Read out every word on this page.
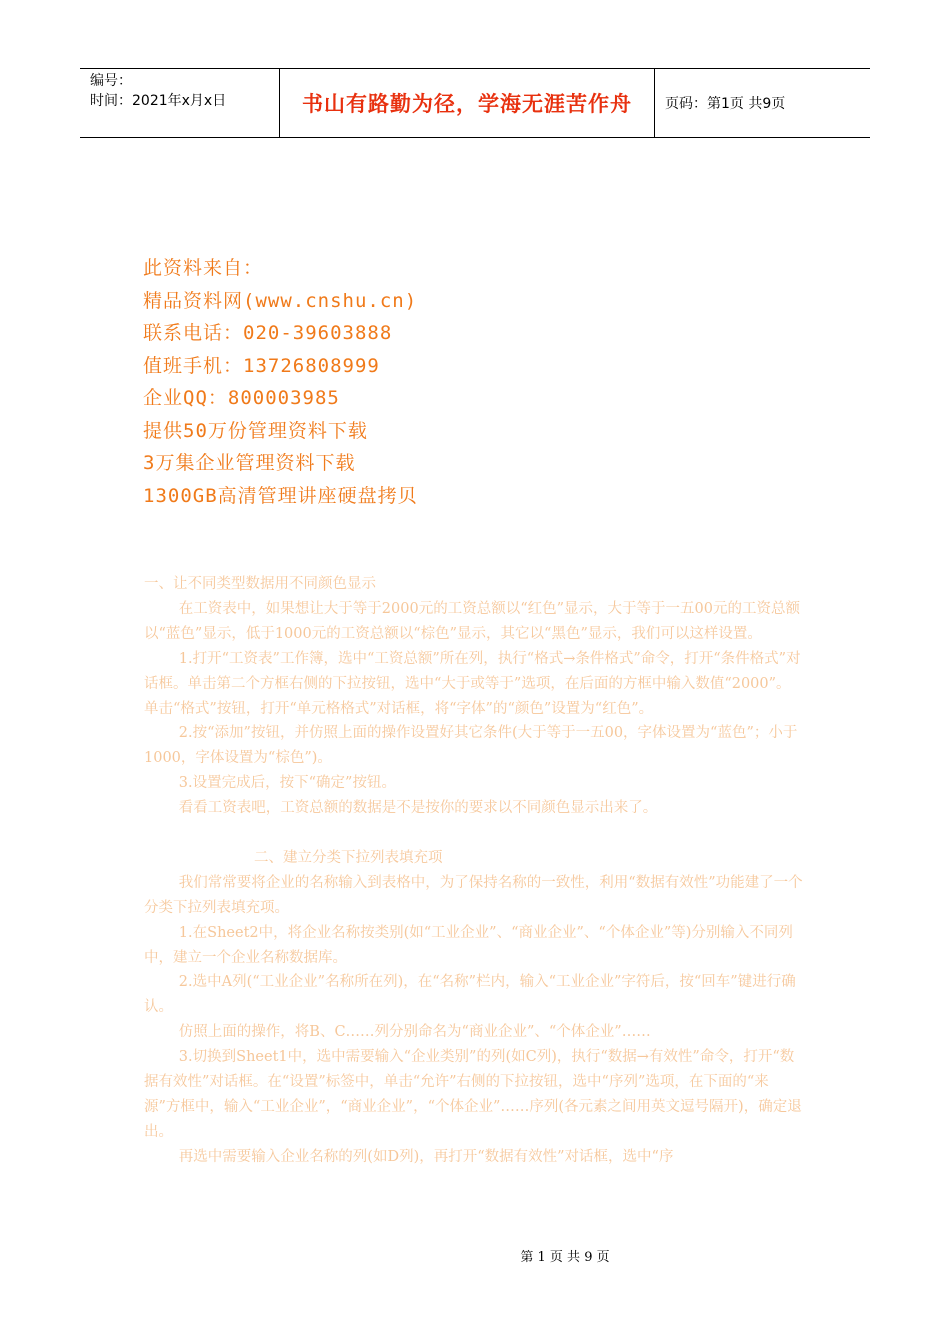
编号：
时间：2021年x月x日	书山有路勤为径，学海无涯苦作舟	页码：第1页 共9页
此资料来自：
精品资料网(www.cnshu.cn)
联系电话：020-39603888
值班手机：13726808999
企业QQ：800003985
提供50万份管理资料下载
3万集企业管理资料下载
1300GB高清管理讲座硬盘拷贝

一、让不同类型数据用不同颜色显示

在工资表中，如果想让大于等于2000元的工资总额以“红色”显示，大于等于一五00元的工资总额以“蓝色”显示，低于1000元的工资总额以“棕色”显示，其它以“黑色”显示，我们可以这样设置。

1.打开“工资表”工作簿，选中“工资总额”所在列，执行“格式→条件格式”命令，打开“条件格式”对话框。单击第二个方框右侧的下拉按钮，选中“大于或等于”选项，在后面的方框中输入数值“2000”。单击“格式”按钮，打开“单元格格式”对话框，将“字体”的“颜色”设置为“红色”。

2.按“添加”按钮，并仿照上面的操作设置好其它条件(大于等于一五00，字体设置为“蓝色”；小于1000，字体设置为“棕色”)。

3.设置完成后，按下“确定”按钮。

看看工资表吧，工资总额的数据是不是按你的要求以不同颜色显示出来了。

二、建立分类下拉列表填充项

我们常常要将企业的名称输入到表格中，为了保持名称的一致性，利用“数据有效性”功能建了一个分类下拉列表填充项。

1.在Sheet2中，将企业名称按类别(如“工业企业”、“商业企业”、“个体企业”等)分别输入不同列中，建立一个企业名称数据库。

2.选中A列(“工业企业”名称所在列)，在“名称”栏内，输入“工业企业”字符后，按“回车”键进行确认。

仿照上面的操作，将B、C……列分别命名为“商业企业”、“个体企业”……

3.切换到Sheet1中，选中需要输入“企业类别”的列(如C列)，执行“数据→有效性”命令，打开“数据有效性”对话框。在“设置”标签中，单击“允许”右侧的下拉按钮，选中“序列”选项，在下面的“来源”方框中，输入“工业企业”，“商业企业”，“个体企业”……序列(各元素之间用英文逗号隔开)，确定退出。

再选中需要输入企业名称的列(如D列)，再打开“数据有效性”对话框，选中“序

第 1 页 共 9 页
